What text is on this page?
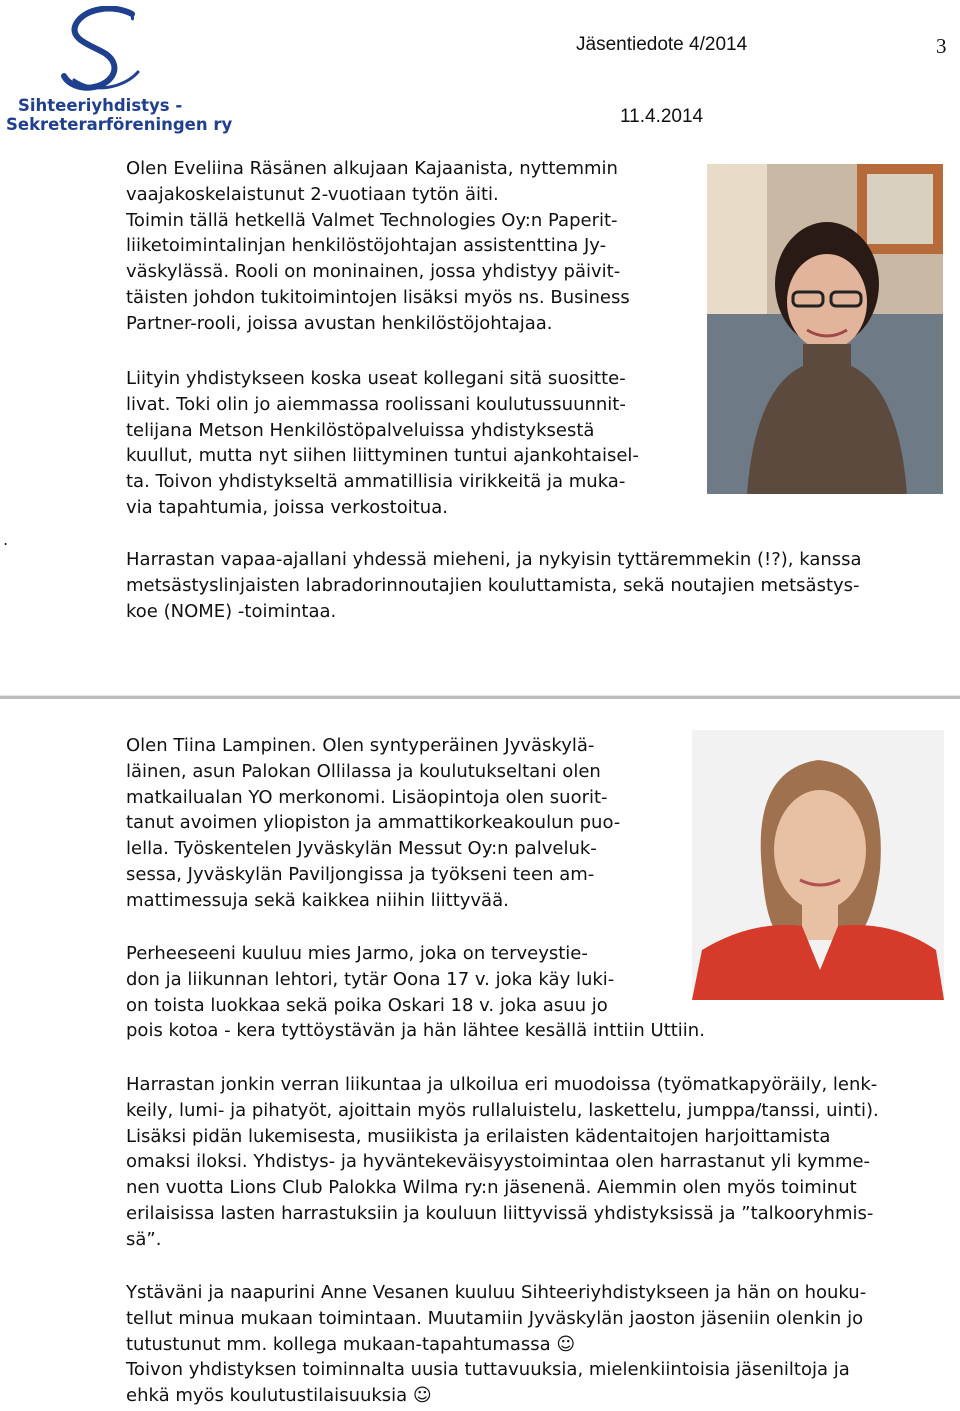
Sihteeriyhdistys -
Sekreterarföreningen ry
Jäsentiedote 4/2014	3
11.4.2014
Olen Eveliina Räsänen alkujaan Kajaanista, nyttemmin
vaajakoskelaistunut 2-vuotiaan tytön äiti.
Toimin tällä hetkellä Valmet Technologies Oy:n Paperit-
liiketoimintalinjan henkilöstöjohtajan assistenttina Jy-
väskylässä. Rooli on moninainen, jossa yhdistyy päivit-
täisten johdon tukitoimintojen lisäksi myös ns. Business
Partner-rooli, joissa avustan henkilöstöjohtajaa.
Liityin yhdistykseen koska useat kollegani sitä suositte-
livat. Toki olin jo aiemmassa roolissani koulutussuunnit-
telijana Metson Henkilöstöpalveluissa yhdistyksestä
kuullut, mutta nyt siihen liittyminen tuntui ajankohtaisel-
ta. Toivon yhdistykseltä ammatillisia virikkeitä ja muka-
via tapahtumia, joissa verkostoitua.
.
Harrastan vapaa-ajallani yhdessä mieheni, ja nykyisin tyttäremmekin (!?), kanssa
metsästyslinjaisten labradorinnoutajien kouluttamista, sekä noutajien metsästys-
koe (NOME) -toimintaa.
Olen Tiina Lampinen. Olen syntyperäinen Jyväskylä-
läinen, asun Palokan Ollilassa ja koulutukseltani olen
matkailualan YO merkonomi. Lisäopintoja olen suorit-
tanut avoimen yliopiston ja ammattikorkeakoulun puo-
lella. Työskentelen Jyväskylän Messut Oy:n palveluk-
sessa, Jyväskylän Paviljongissa ja työkseni teen am-
mattimessuja sekä kaikkea niihin liittyvää.
Perheeseeni kuuluu mies Jarmo, joka on terveystie-
don ja liikunnan lehtori, tytär Oona 17 v. joka käy luki-
on toista luokkaa sekä poika Oskari 18 v. joka asuu jo
pois kotoa - kera tyttöystävän ja hän lähtee kesällä inttiin Uttiin.
Harrastan jonkin verran liikuntaa ja ulkoilua eri muodoissa (työmatkapyöräily, lenk-
keily, lumi- ja pihatyöt, ajoittain myös rullaluistelu, laskettelu, jumppa/tanssi, uinti).
Lisäksi pidän lukemisesta, musiikista ja erilaisten kädentaitojen harjoittamista
omaksi iloksi. Yhdistys- ja hyväntekeväisyystoimintaa olen harrastanut yli kymme-
nen vuotta Lions Club Palokka Wilma ry:n jäsenenä. Aiemmin olen myös toiminut
erilaisissa lasten harrastuksiin ja kouluun liittyvissä yhdistyksissä ja ”talkooryhmis-
sä”.
Ystäväni ja naapurini Anne Vesanen kuuluu Sihteeriyhdistykseen ja hän on houku-
tellut minua mukaan toimintaan. Muutamiin Jyväskylän jaoston jäseniin olenkin jo
tutustunut mm. kollega mukaan-tapahtumassa ☺
Toivon yhdistyksen toiminnalta uusia tuttavuuksia, mielenkiintoisia jäseniltoja ja
ehkä myös koulutustilaisuuksia ☺
